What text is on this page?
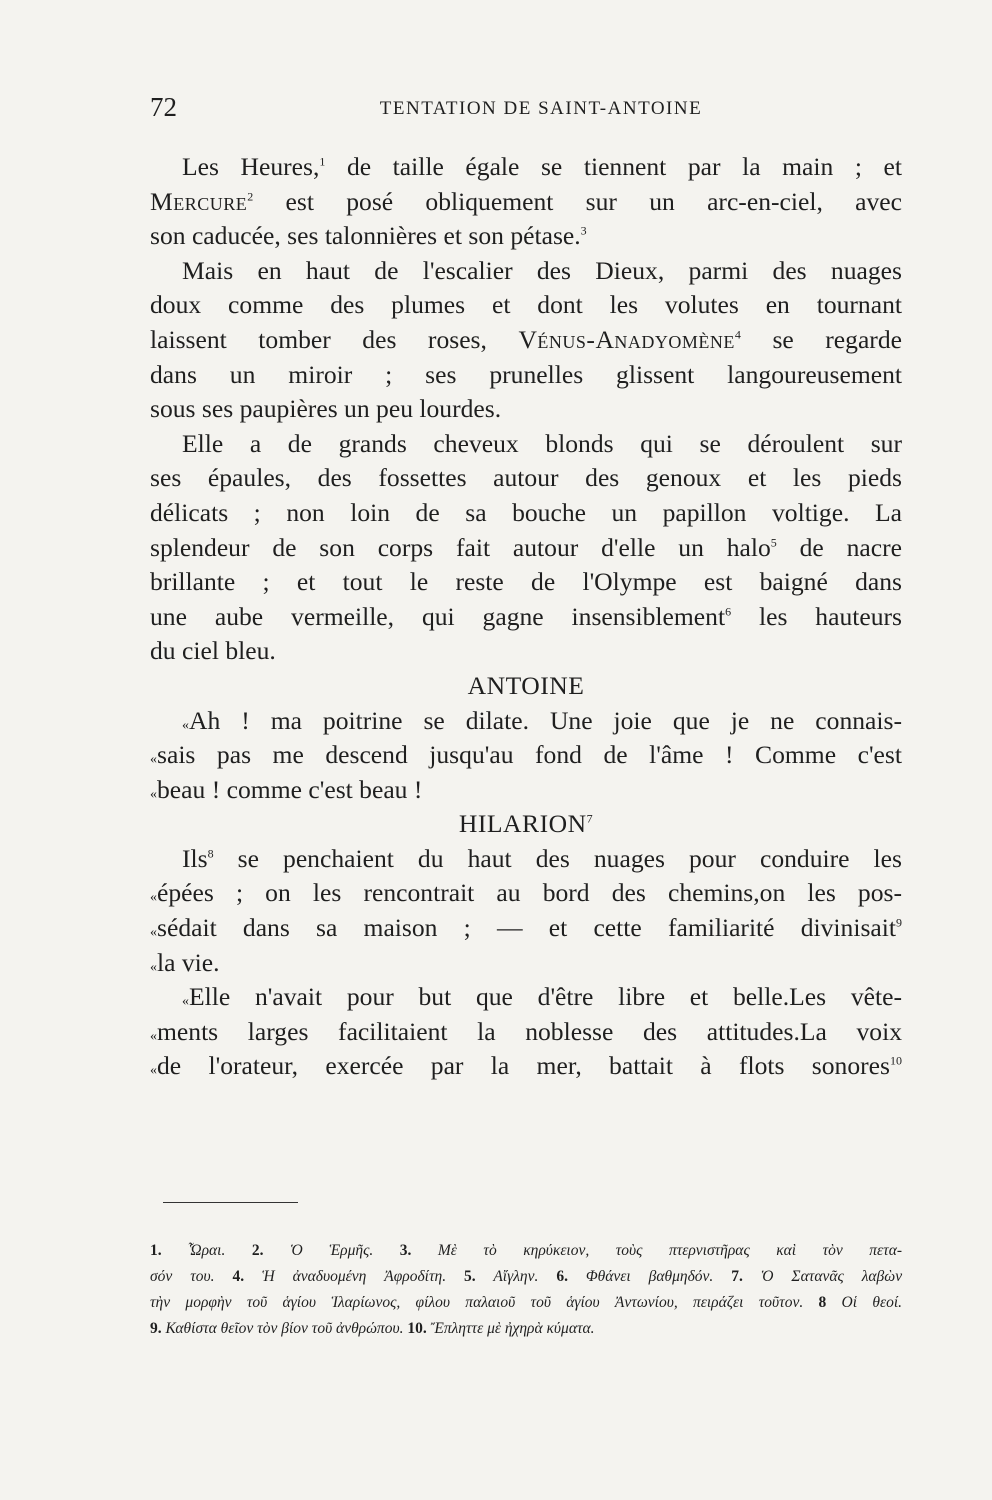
72	TENTATION DE SAINT-ANTOINE
Les Heures,$^1$ de taille égale se tiennent par la main ; et
Mercure$^2$ est posé obliquement sur un arc-en-ciel, avec
son caducée, ses talonnières et son pétase.$^3$
Mais en haut de l'escalier des Dieux, parmi des nuages
doux comme des plumes et dont les volutes en tournant
laissent tomber des roses, Vénus-Anadyomène$^4$ se regarde
dans un miroir ; ses prunelles glissent langoureusement
sous ses paupières un peu lourdes.
Elle a de grands cheveux blonds qui se déroulent sur
ses épaules, des fossettes autour des genoux et les pieds
délicats ; non loin de sa bouche un papillon voltige. La
splendeur de son corps fait autour d'elle un halo$^5$ de nacre
brillante ; et tout le reste de l'Olympe est baigné dans
une aube vermeille, qui gagne insensiblement$^6$ les hauteurs
du ciel bleu.
ANTOINE
«Ah ! ma poitrine se dilate. Une joie que je ne connais-
«sais pas me descend jusqu'au fond de l'âme ! Comme c'est
«beau ! comme c'est beau !
HILARION$^7$
Ils$^8$ se penchaient du haut des nuages pour conduire les
«épées ; on les rencontrait au bord des chemins,on les pos-
«sédait dans sa maison ; — et cette familiarité divinisait$^9$
«la vie.
«Elle n'avait pour but que d'être libre et belle.Les vête-
«ments larges facilitaient la noblesse des attitudes.La voix
«de l'orateur, exercée par la mer, battait à flots sonores$^{10}$
1. Ὧραι. 2. Ὁ Ἑρμῆς. 3. Μὲ τὸ κηρύκειον, τοὺς πτερνιστῆρας καὶ τὸν πετα-
σόν του. 4. Ἡ ἀναδυομένη Ἀφροδίτη. 5. Αἴγλην. 6. Φθάνει βαθμηδόν. 7. Ὁ Σατανᾶς λαβὼν
τὴν μορφὴν τοῦ ἁγίου Ἱλαρίωνος, φίλου παλαιοῦ τοῦ ἁγίου Ἀντωνίου, πειράζει τοῦτον. 8 Οἱ θεοί.
9. Καθίστα θεῖον τὸν βίον τοῦ ἀνθρώπου. 10. Ἔπληττε μὲ ἠχηρὰ κύματα.
